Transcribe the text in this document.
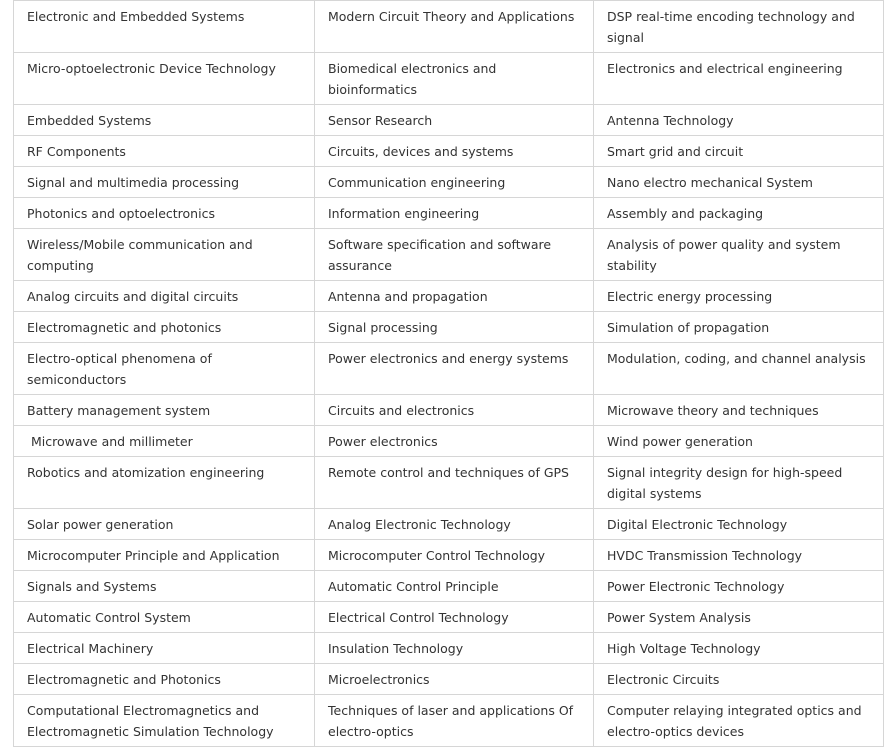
Electronic and Embedded Systems	Modern Circuit Theory and Applications	DSP real-time encoding technology and signal
Micro-optoelectronic Device Technology	Biomedical electronics and bioinformatics	Electronics and electrical engineering
Embedded Systems	Sensor Research	Antenna Technology
RF Components	Circuits, devices and systems	Smart grid and circuit
Signal and multimedia processing	Communication engineering	Nano electro mechanical System
Photonics and optoelectronics	Information engineering	Assembly and packaging
Wireless/Mobile communication and computing	Software specification and software assurance	Analysis of power quality and system stability
Analog circuits and digital circuits	Antenna and propagation	Electric energy processing
Electromagnetic and photonics	Signal processing	Simulation of propagation
Electro-optical phenomena of semiconductors	Power electronics and energy systems	Modulation, coding, and channel analysis
Battery management system	Circuits and electronics	Microwave theory and techniques
Microwave and millimeter	Power electronics	Wind power generation
Robotics and atomization engineering	Remote control and techniques of GPS	Signal integrity design for high-speed digital systems
Solar power generation	Analog Electronic Technology	Digital Electronic Technology
Microcomputer Principle and Application	Microcomputer Control Technology	HVDC Transmission Technology
Signals and Systems	Automatic Control Principle	Power Electronic Technology
Automatic Control System	Electrical Control Technology	Power System Analysis
Electrical Machinery	Insulation Technology	High Voltage Technology
Electromagnetic and Photonics	Microelectronics	Electronic Circuits
Computational Electromagnetics and Electromagnetic Simulation Technology	Techniques of laser and applications Of electro-optics	Computer relaying integrated optics and electro-optics devices
